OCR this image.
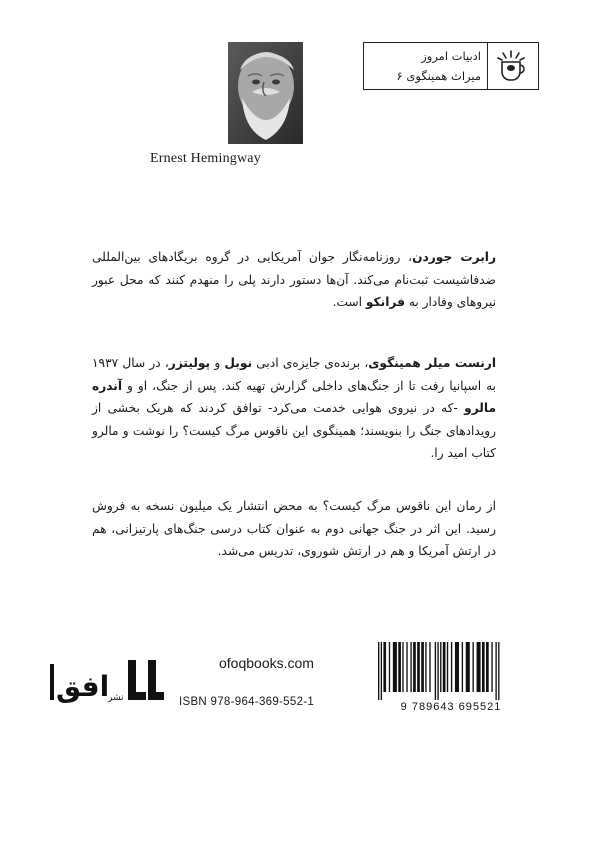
ادبیات امروز
میراث همینگوی ۶
Ernest Hemingway

رابرت جوردن، روزنامه‌نگار جوان آمریکایی در گروه بریگادهای بین‌المللی ضدفاشیست ثبت‌نام می‌کند. آن‌ها دستور دارند پلی را منهدم کنند که محل عبور نیروهای وفادار به فرانکو است.

ارنست میلر همینگوی، برنده‌ی جایزه‌ی ادبی نوبل و پولیتزر، در سال ۱۹۳۷ به اسپانیا رفت تا از جنگ‌های داخلی گزارش تهیه کند. پس از جنگ، او و آندره مالرو -که در نیروی هوایی خدمت می‌کرد- توافق کردند که هریک بخشی از رویدادهای جنگ را بنویسند؛ همینگوی این ناقوس مرگ کیست؟ را نوشت و مالرو کتاب امید را.

از رمان این ناقوس مرگ کیست؟ به محض انتشار یک میلیون نسخه به فروش رسید. این اثر در جنگ جهانی دوم به عنوان کتاب درسی جنگ‌های پارتیزانی، هم در ارتش آمریکا و هم در ارتش شوروی، تدریس می‌شد.

افق
نشر
ofoqbooks.com
ISBN 978-964-369-552-1	9 789643 695521
